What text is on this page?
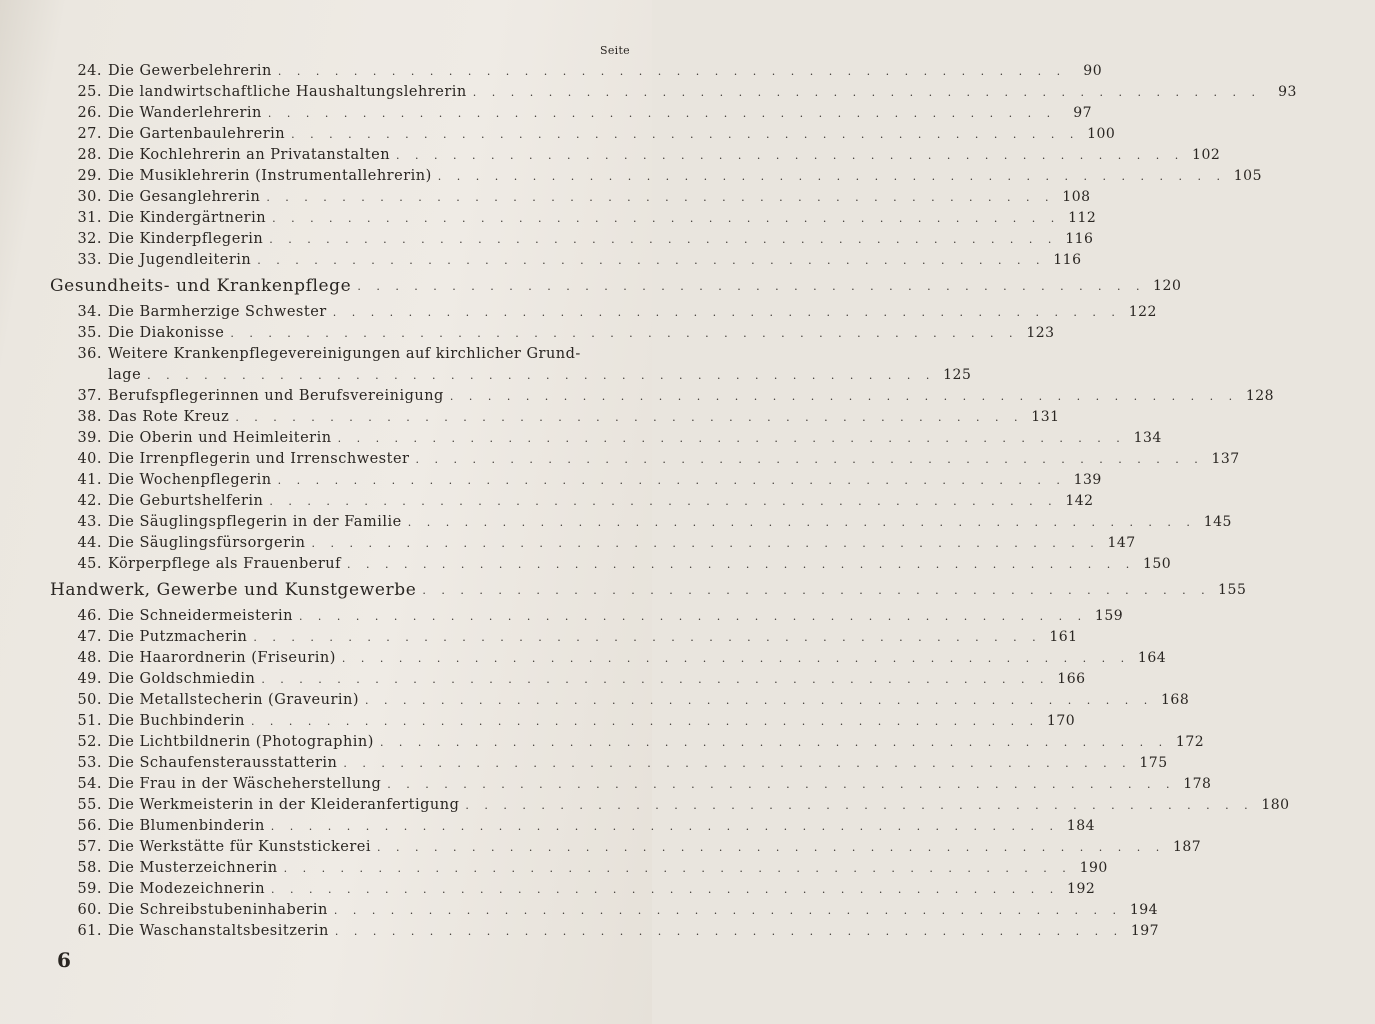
Seite
24. Die Gewerbelehrerin . . . . . . . . . . . . . . . . . . . . . . . . . . . . . . . . . . . . . . . . . .	90
25. Die landwirtschaftliche Haushaltungslehrerin . . . . . . . . . . . . . . . . . . . . . . . . . . . . . . . . . . . . . . . . . .	93
26. Die Wanderlehrerin . . . . . . . . . . . . . . . . . . . . . . . . . . . . . . . . . . . . . . . . . .	97
27. Die Gartenbaulehrerin . . . . . . . . . . . . . . . . . . . . . . . . . . . . . . . . . . . . . . . . . . 100
28. Die Kochlehrerin an Privatanstalten . . . . . . . . . . . . . . . . . . . . . . . . . . . . . . . . . . . . . . . . . . 102
29. Die Musiklehrerin (Instrumentallehrerin) . . . . . . . . . . . . . . . . . . . . . . . . . . . . . . . . . . . . . . . . . . 105
30. Die Gesanglehrerin . . . . . . . . . . . . . . . . . . . . . . . . . . . . . . . . . . . . . . . . . . 108
31. Die Kindergärtnerin . . . . . . . . . . . . . . . . . . . . . . . . . . . . . . . . . . . . . . . . . . 112
32. Die Kinderpflegerin . . . . . . . . . . . . . . . . . . . . . . . . . . . . . . . . . . . . . . . . . . 116
33. Die Jugendleiterin . . . . . . . . . . . . . . . . . . . . . . . . . . . . . . . . . . . . . . . . . . 116
Gesundheits- und Krankenpflege . . . . . . . . . . . . . . . . . . . . . . . . . . . . . . . . . . . . . . . . . . 120
34. Die Barmherzige Schwester . . . . . . . . . . . . . . . . . . . . . . . . . . . . . . . . . . . . . . . . . . 122
35. Die Diakonisse . . . . . . . . . . . . . . . . . . . . . . . . . . . . . . . . . . . . . . . . . . 123
36. Weitere Krankenpflegevereinigungen auf kirchlicher Grund-
lage . . . . . . . . . . . . . . . . . . . . . . . . . . . . . . . . . . . . . . . . . . 125
37. Berufspflegerinnen und Berufsvereinigung . . . . . . . . . . . . . . . . . . . . . . . . . . . . . . . . . . . . . . . . . . 128
38. Das Rote Kreuz . . . . . . . . . . . . . . . . . . . . . . . . . . . . . . . . . . . . . . . . . . 131
39. Die Oberin und Heimleiterin . . . . . . . . . . . . . . . . . . . . . . . . . . . . . . . . . . . . . . . . . . 134
40. Die Irrenpflegerin und Irrenschwester . . . . . . . . . . . . . . . . . . . . . . . . . . . . . . . . . . . . . . . . . . 137
41. Die Wochenpflegerin . . . . . . . . . . . . . . . . . . . . . . . . . . . . . . . . . . . . . . . . . . 139
42. Die Geburtshelferin . . . . . . . . . . . . . . . . . . . . . . . . . . . . . . . . . . . . . . . . . . 142
43. Die Säuglingspflegerin in der Familie . . . . . . . . . . . . . . . . . . . . . . . . . . . . . . . . . . . . . . . . . . 145
44. Die Säuglingsfürsorgerin . . . . . . . . . . . . . . . . . . . . . . . . . . . . . . . . . . . . . . . . . . 147
45. Körperpflege als Frauenberuf . . . . . . . . . . . . . . . . . . . . . . . . . . . . . . . . . . . . . . . . . . 150
Handwerk, Gewerbe und Kunstgewerbe . . . . . . . . . . . . . . . . . . . . . . . . . . . . . . . . . . . . . . . . . . 155
46. Die Schneidermeisterin . . . . . . . . . . . . . . . . . . . . . . . . . . . . . . . . . . . . . . . . . . 159
47. Die Putzmacherin . . . . . . . . . . . . . . . . . . . . . . . . . . . . . . . . . . . . . . . . . . 161
48. Die Haarordnerin (Friseurin) . . . . . . . . . . . . . . . . . . . . . . . . . . . . . . . . . . . . . . . . . . 164
49. Die Goldschmiedin . . . . . . . . . . . . . . . . . . . . . . . . . . . . . . . . . . . . . . . . . . 166
50. Die Metallstecherin (Graveurin) . . . . . . . . . . . . . . . . . . . . . . . . . . . . . . . . . . . . . . . . . . 168
51. Die Buchbinderin . . . . . . . . . . . . . . . . . . . . . . . . . . . . . . . . . . . . . . . . . . 170
52. Die Lichtbildnerin (Photographin) . . . . . . . . . . . . . . . . . . . . . . . . . . . . . . . . . . . . . . . . . . 172
53. Die Schaufensterausstatterin . . . . . . . . . . . . . . . . . . . . . . . . . . . . . . . . . . . . . . . . . . 175
54. Die Frau in der Wäscheherstellung . . . . . . . . . . . . . . . . . . . . . . . . . . . . . . . . . . . . . . . . . . 178
55. Die Werkmeisterin in der Kleideranfertigung . . . . . . . . . . . . . . . . . . . . . . . . . . . . . . . . . . . . . . . . . . 180
56. Die Blumenbinderin . . . . . . . . . . . . . . . . . . . . . . . . . . . . . . . . . . . . . . . . . . 184
57. Die Werkstätte für Kunststickerei . . . . . . . . . . . . . . . . . . . . . . . . . . . . . . . . . . . . . . . . . . 187
58. Die Musterzeichnerin . . . . . . . . . . . . . . . . . . . . . . . . . . . . . . . . . . . . . . . . . . 190
59. Die Modezeichnerin . . . . . . . . . . . . . . . . . . . . . . . . . . . . . . . . . . . . . . . . . . 192
60. Die Schreibstubeninhaberin . . . . . . . . . . . . . . . . . . . . . . . . . . . . . . . . . . . . . . . . . . 194
61. Die Waschanstaltsbesitzerin . . . . . . . . . . . . . . . . . . . . . . . . . . . . . . . . . . . . . . . . . . 197
6
